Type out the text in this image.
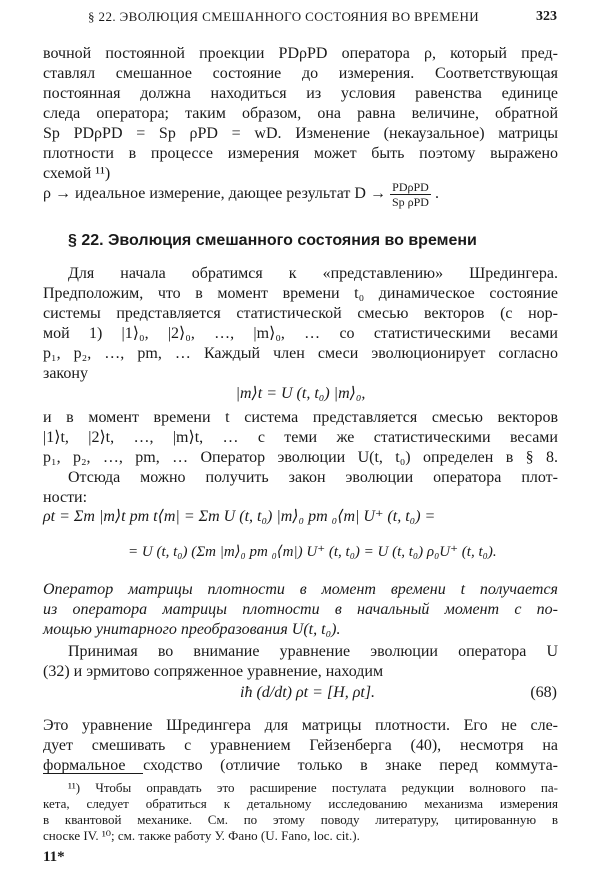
§ 22. ЭВОЛЮЦИЯ СМЕШАННОГО СОСТОЯНИЯ ВО ВРЕМЕНИ	323
вочной постоянной проекции PDρPD оператора ρ, который пред-
ставлял смешанное состояние до измерения. Соответствующая
постоянная должна находиться из условия равенства единице
следа оператора; таким образом, она равна величине, обратной
Sp PDρPD = Sp ρPD = wD. Изменение (некаузальное) матрицы
плотности в процессе измерения может быть поэтому выражено
схемой ¹¹)
ρ → идеальное измерение, дающее результат $D \to \frac{\text{PDρPD}}{\text{Sp ρPD}}$ .
§ 22. Эволюция смешанного состояния во времени
Для начала обратимся к «представлению» Шредингера.
Предположим, что в момент времени t₀ динамическое состояние
системы представляется статистической смесью векторов (с нор-
мой 1) |1⟩₀, |2⟩₀, …, |m⟩₀, … со статистическими весами
p₁, p₂, …, pm, … Каждый член смеси эволюционирует согласно
закону
|m⟩t = U (t, t₀) |m⟩₀,
и в момент времени t система представляется смесью векторов
|1⟩t, |2⟩t, …, |m⟩t, … с теми же статистическими весами
p₁, p₂, …, pm, … Оператор эволюции U(t, t₀) определен в § 8.
Отсюда можно получить закон эволюции оператора плот-
ности:
ρt = Σm |m⟩t pm t⟨m| = Σm U (t, t₀) |m⟩₀ pm ₀⟨m| U⁺ (t, t₀) =
= U (t, t₀) (Σm |m⟩₀ pm ₀⟨m|) U⁺ (t, t₀) = U (t, t₀) ρ₀U⁺ (t, t₀).
Оператор матрицы плотности в момент времени t получается
из оператора матрицы плотности в начальный момент с по-
мощью унитарного преобразования U(t, t₀).
Принимая во внимание уравнение эволюции оператора U
(32) и эрмитово сопряженное уравнение, находим
iħ (d/dt) ρt = [H, ρt].	(68)
Это уравнение Шредингера для матрицы плотности. Его не сле-
дует смешивать с уравнением Гейзенберга (40), несмотря на
формальное сходство (отличие только в знаке перед коммута-
¹¹) Чтобы оправдать это расширение постулата редукции волнового па-
кета, следует обратиться к детальному исследованию механизма измерения
в квантовой механике. См. по этому поводу литературу, цитированную в
сноске IV. ¹⁰; см. также работу У. Фано (U. Fano, loc. cit.).
11*
